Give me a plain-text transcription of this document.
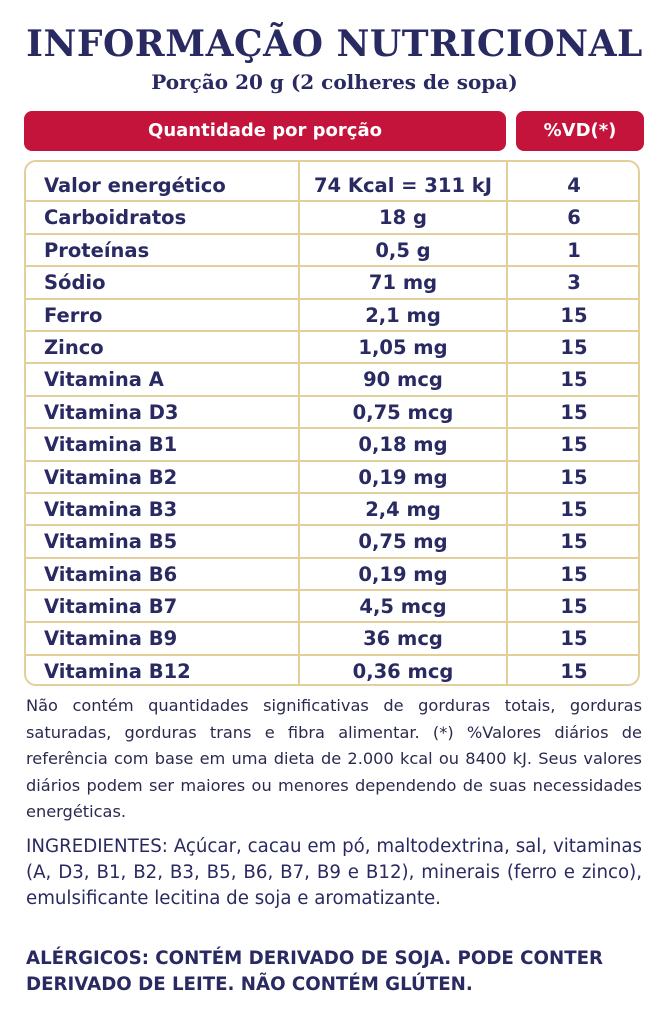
INFORMAÇÃO NUTRICIONAL
Porção 20 g (2 colheres de sopa)
Quantidade por porção	%VD(*)
Valor energético	74 Kcal = 311 kJ	4
Carboidratos	18 g	6
Proteínas	0,5 g	1
Sódio	71 mg	3
Ferro	2,1 mg	15
Zinco	1,05 mg	15
Vitamina A	90 mcg	15
Vitamina D3	0,75 mcg	15
Vitamina B1	0,18 mg	15
Vitamina B2	0,19 mg	15
Vitamina B3	2,4 mg	15
Vitamina B5	0,75 mg	15
Vitamina B6	0,19 mg	15
Vitamina B7	4,5 mcg	15
Vitamina B9	36 mcg	15
Vitamina B12	0,36 mcg	15

Não contém quantidades significativas de gorduras totais, gorduras saturadas, gorduras trans e fibra alimentar. (*) %Valores diários de referência com base em uma dieta de 2.000 kcal ou 8400 kJ. Seus valores diários podem ser maiores ou menores dependendo de suas necessidades energéticas.

INGREDIENTES: Açúcar, cacau em pó, maltodextrina, sal, vitaminas (A, D3, B1, B2, B3, B5, B6, B7, B9 e B12), minerais (ferro e zinco), emulsificante lecitina de soja e aromatizante.

ALÉRGICOS: CONTÉM DERIVADO DE SOJA. PODE CONTER DERIVADO DE LEITE. NÃO CONTÉM GLÚTEN.
